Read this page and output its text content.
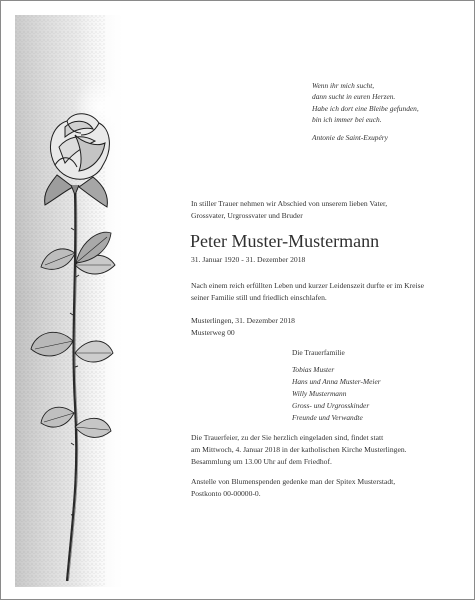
Wenn ihr mich sucht,
dann sucht in euren Herzen.
Habe ich dort eine Bleibe gefunden,
bin ich immer bei euch.
Antonie de Saint-Exupéry
In stiller Trauer nehmen wir Abschied von unserem lieben Vater,
Grossvater, Urgrossvater und Bruder
Peter Muster-Mustermann
31. Januar 1920 - 31. Dezember 2018
Nach einem reich erfüllten Leben und kurzer Leidenszeit durfte er im Kreise
seiner Familie still und friedlich einschlafen.
Musterlingen, 31. Dezember 2018
Musterweg 00
Die Trauerfamilie
Tobias Muster
Hans und Anna Muster-Meier
Willy Mustermann
Gross- und Urgrosskinder
Freunde und Verwandte
Die Trauerfeier, zu der Sie herzlich eingeladen sind, findet statt
am Mittwoch, 4. Januar 2018 in der katholischen Kirche Musterlingen.
Besammlung um 13.00 Uhr auf dem Friedhof.
Anstelle von Blumenspenden gedenke man der Spitex Musterstadt,
Postkonto 00-00000-0.
